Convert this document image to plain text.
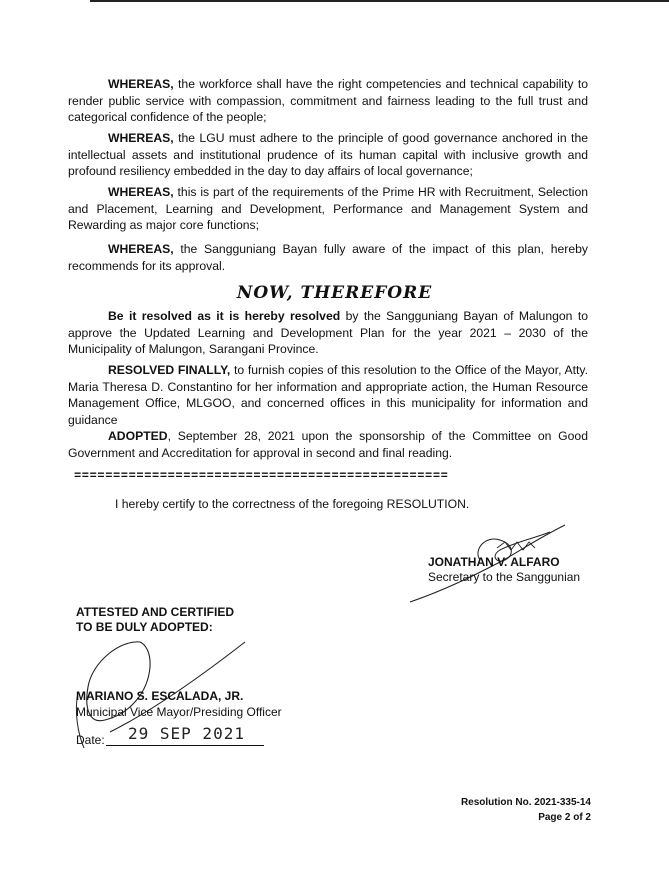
WHEREAS, the workforce shall have the right competencies and technical capability to render public service with compassion, commitment and fairness leading to the full trust and categorical confidence of the people;

WHEREAS, the LGU must adhere to the principle of good governance anchored in the intellectual assets and institutional prudence of its human capital with inclusive growth and profound resiliency embedded in the day to day affairs of local governance;

WHEREAS, this is part of the requirements of the Prime HR with Recruitment, Selection and Placement, Learning and Development, Performance and Management System and Rewarding as major core functions;

WHEREAS, the Sangguniang Bayan fully aware of the impact of this plan, hereby recommends for its approval.

NOW, THEREFORE

Be it resolved as it is hereby resolved by the Sangguniang Bayan of Malungon to approve the Updated Learning and Development Plan for the year 2021 – 2030 of the Municipality of Malungon, Sarangani Province.

RESOLVED FINALLY, to furnish copies of this resolution to the Office of the Mayor, Atty. Maria Theresa D. Constantino for her information and appropriate action, the Human Resource Management Office, MLGOO, and concerned offices in this municipality for information and guidance

ADOPTED, September 28, 2021 upon the sponsorship of the Committee on Good Government and Accreditation for approval in second and final reading.

================================================
I hereby certify to the correctness of the foregoing RESOLUTION.
JONATHAN V. ALFARO
Secretary to the Sanggunian
ATTESTED AND CERTIFIED
TO BE DULY ADOPTED:
MARIANO S. ESCALADA, JR.
Municipal Vice Mayor/Presiding Officer
Date: 29 SEP 2021
Resolution No. 2021-335-14
Page 2 of 2
